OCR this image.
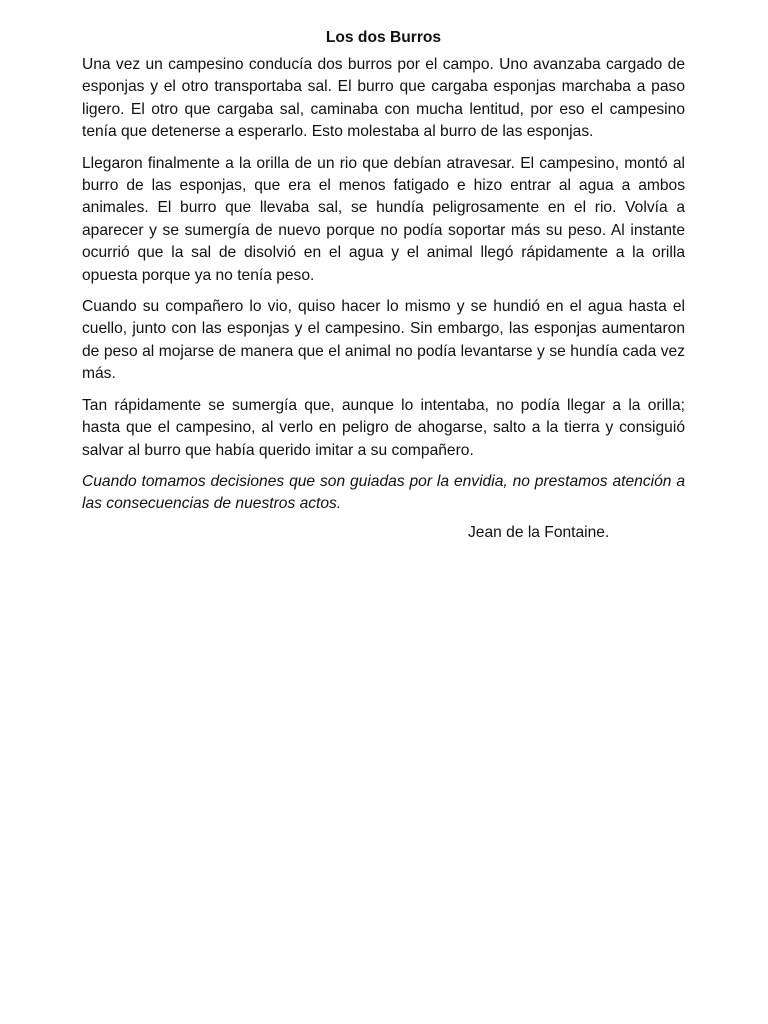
Los dos Burros

Una vez un campesino conducía dos burros por el campo. Uno avanzaba cargado de esponjas y el otro transportaba sal. El burro que cargaba esponjas marchaba a paso ligero. El otro que cargaba sal, caminaba con mucha lentitud, por eso el campesino tenía que detenerse a esperarlo. Esto molestaba al burro de las esponjas.

Llegaron finalmente a la orilla de un rio que debían atravesar. El campesino, montó al burro de las esponjas, que era el menos fatigado e hizo entrar al agua a ambos animales. El burro que llevaba sal, se hundía peligrosamente en el rio. Volvía a aparecer y se sumergía de nuevo porque no podía soportar más su peso. Al instante ocurrió que la sal de disolvió en el agua y el animal llegó rápidamente a la orilla opuesta porque ya no tenía peso.

Cuando su compañero lo vio, quiso hacer lo mismo y se hundió en el agua hasta el cuello, junto con las esponjas y el campesino. Sin embargo, las esponjas aumentaron de peso al mojarse de manera que el animal no podía levantarse y se hundía cada vez más.

Tan rápidamente se sumergía que, aunque lo intentaba, no podía llegar a la orilla; hasta que el campesino, al verlo en peligro de ahogarse, salto a la tierra y consiguió salvar al burro que había querido imitar a su compañero.

Cuando tomamos decisiones que son guiadas por la envidia, no prestamos atención a las consecuencias de nuestros actos.

Jean de la Fontaine.
